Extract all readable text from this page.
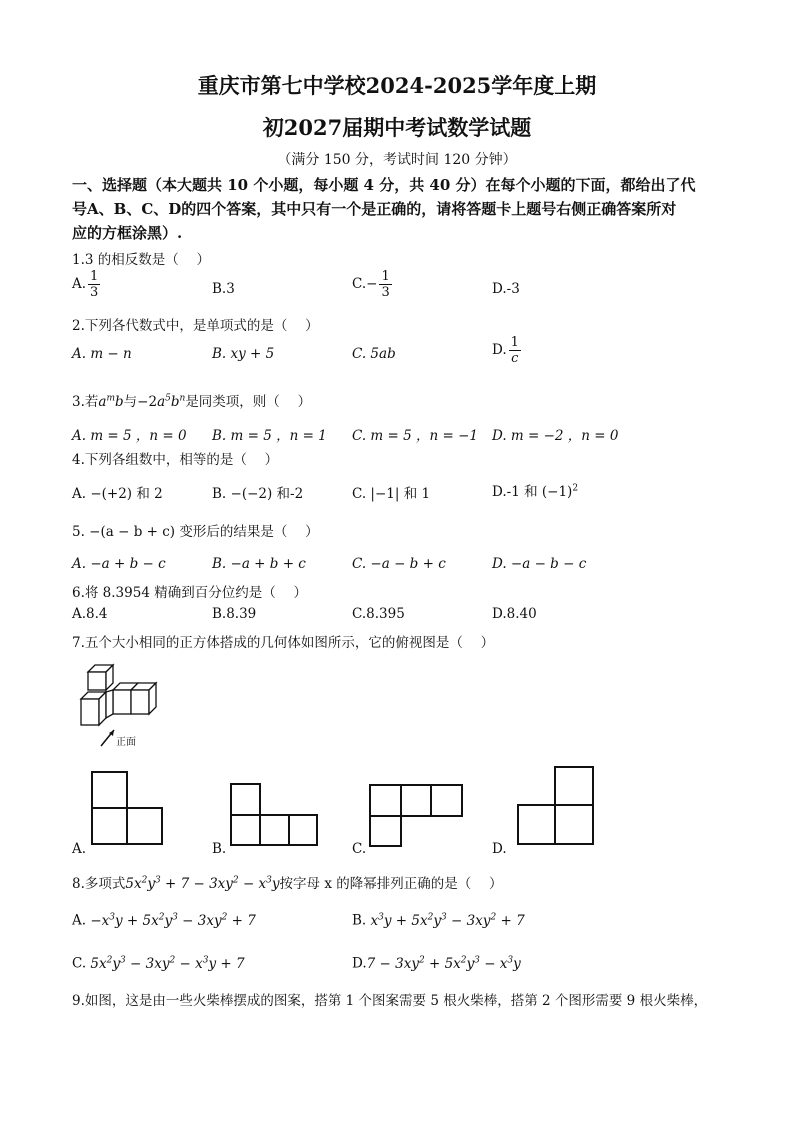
重庆市第七中学校2024-2025学年度上期
初2027届期中考试数学试题
（满分 150 分，考试时间 120 分钟）
一、选择题（本大题共 10 个小题，每小题 4 分，共 40 分）在每个小题的下面，都给出了代
号A、B、C、D的四个答案，其中只有一个是正确的，请将答题卡上题号右侧正确答案所对
应的方框涂黑）.
1.3 的相反数是（　 ）
A. $\frac{1}{3}$	B.3	$C.- \frac{1}{3}$	D.-3
2.下列各代数式中，是单项式的是（　 ）
A. m − n	B. xy + 5	C. 5ab	D. $\frac{1}{c}$
3.若$a^mb$与$-2a^5b^n$是同类项，则（　 ）
A. m = 5 ，n = 0 B. m = 5 ，n = 1 C. m = 5 ，n = −1 D. m = −2 ，n = 0
4.下列各组数中，相等的是（　 ）
A. −(+2) 和 2	B. −(−2) 和-2	C. |−1| 和 1	D.-1 和 $(-1)^2$
5. −(a − b + c) 变形后的结果是（　 ）
A. −a + b − c	B. −a + b + c	C. −a − b + c	D. −a − b − c
6.将 8.3954 精确到百分位约是（　 ）
A.8.4	B.8.39	C.8.395	D.8.40
7.五个大小相同的正方体搭成的几何体如图所示，它的俯视图是（　 ）
正面
A.	B.	C.	D.
8.多项式$5x^2y^3 + 7 - 3xy^2 - x^3y$按字母 x 的降幂排列正确的是（　 ）
A. $-x^3y + 5x^2y^3 - 3xy^2 + 7$	B. $x^3y + 5x^2y^3 - 3xy^2 + 7$
C. $5x^2y^3 - 3xy^2 - x^3y + 7$	$D.7 - 3xy^2 + 5x^2y^3 - x^3y$
9.如图，这是由一些火柴棒摆成的图案，搭第 1 个图案需要 5 根火柴棒，搭第 2 个图形需要 9 根火柴棒，
